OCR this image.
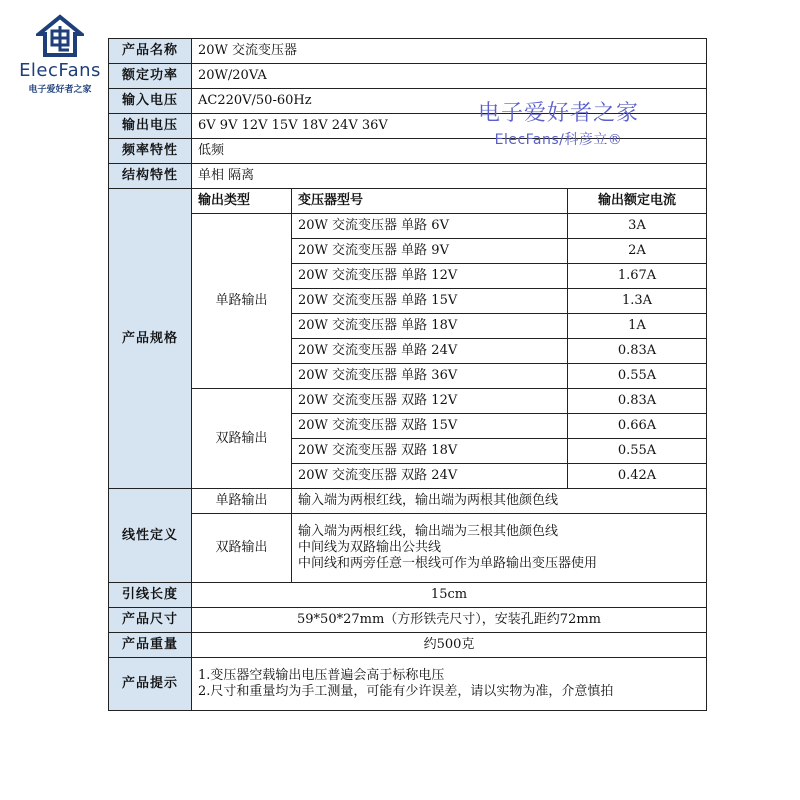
ElecFans
电子爱好者之家
产品名称	20W 交流变压器		
额定功率	20W/20VA		
输入电压	AC220V/50-60Hz		
输出电压	6V 9V 12V 15V 18V 24V 36V		
频率特性	低频		
结构特性	单相 隔离		
产品规格	输出类型	变压器型号	输出额定电流
	单路输出	20W 交流变压器 单路 6V	3A
		20W 交流变压器 单路 9V	2A
		20W 交流变压器 单路 12V	1.67A
		20W 交流变压器 单路 15V	1.3A
		20W 交流变压器 单路 18V	1A
		20W 交流变压器 单路 24V	0.83A
		20W 交流变压器 单路 36V	0.55A
	双路输出	20W 交流变压器 双路 12V	0.83A
		20W 交流变压器 双路 15V	0.66A
		20W 交流变压器 双路 18V	0.55A
		20W 交流变压器 双路 24V	0.42A
线性定义	单路输出	输入端为两根红线，输出端为两根其他颜色线	
	双路输出	输入端为两根红线，输出端为三根其他颜色线
中间线为双路输出公共线
中间线和两旁任意一根线可作为单路输出变压器使用	

引线长度	15cm		
产品尺寸	59*50*27mm（方形铁壳尺寸），安装孔距约72mm		
产品重量	约500克		
产品提示	1.变压器空载输出电压普遍会高于标称电压
2.尺寸和重量均为手工测量，可能有少许误差，请以实物为准，介意慎拍		
电子爱好者之家
ElecFans/科彦立®
